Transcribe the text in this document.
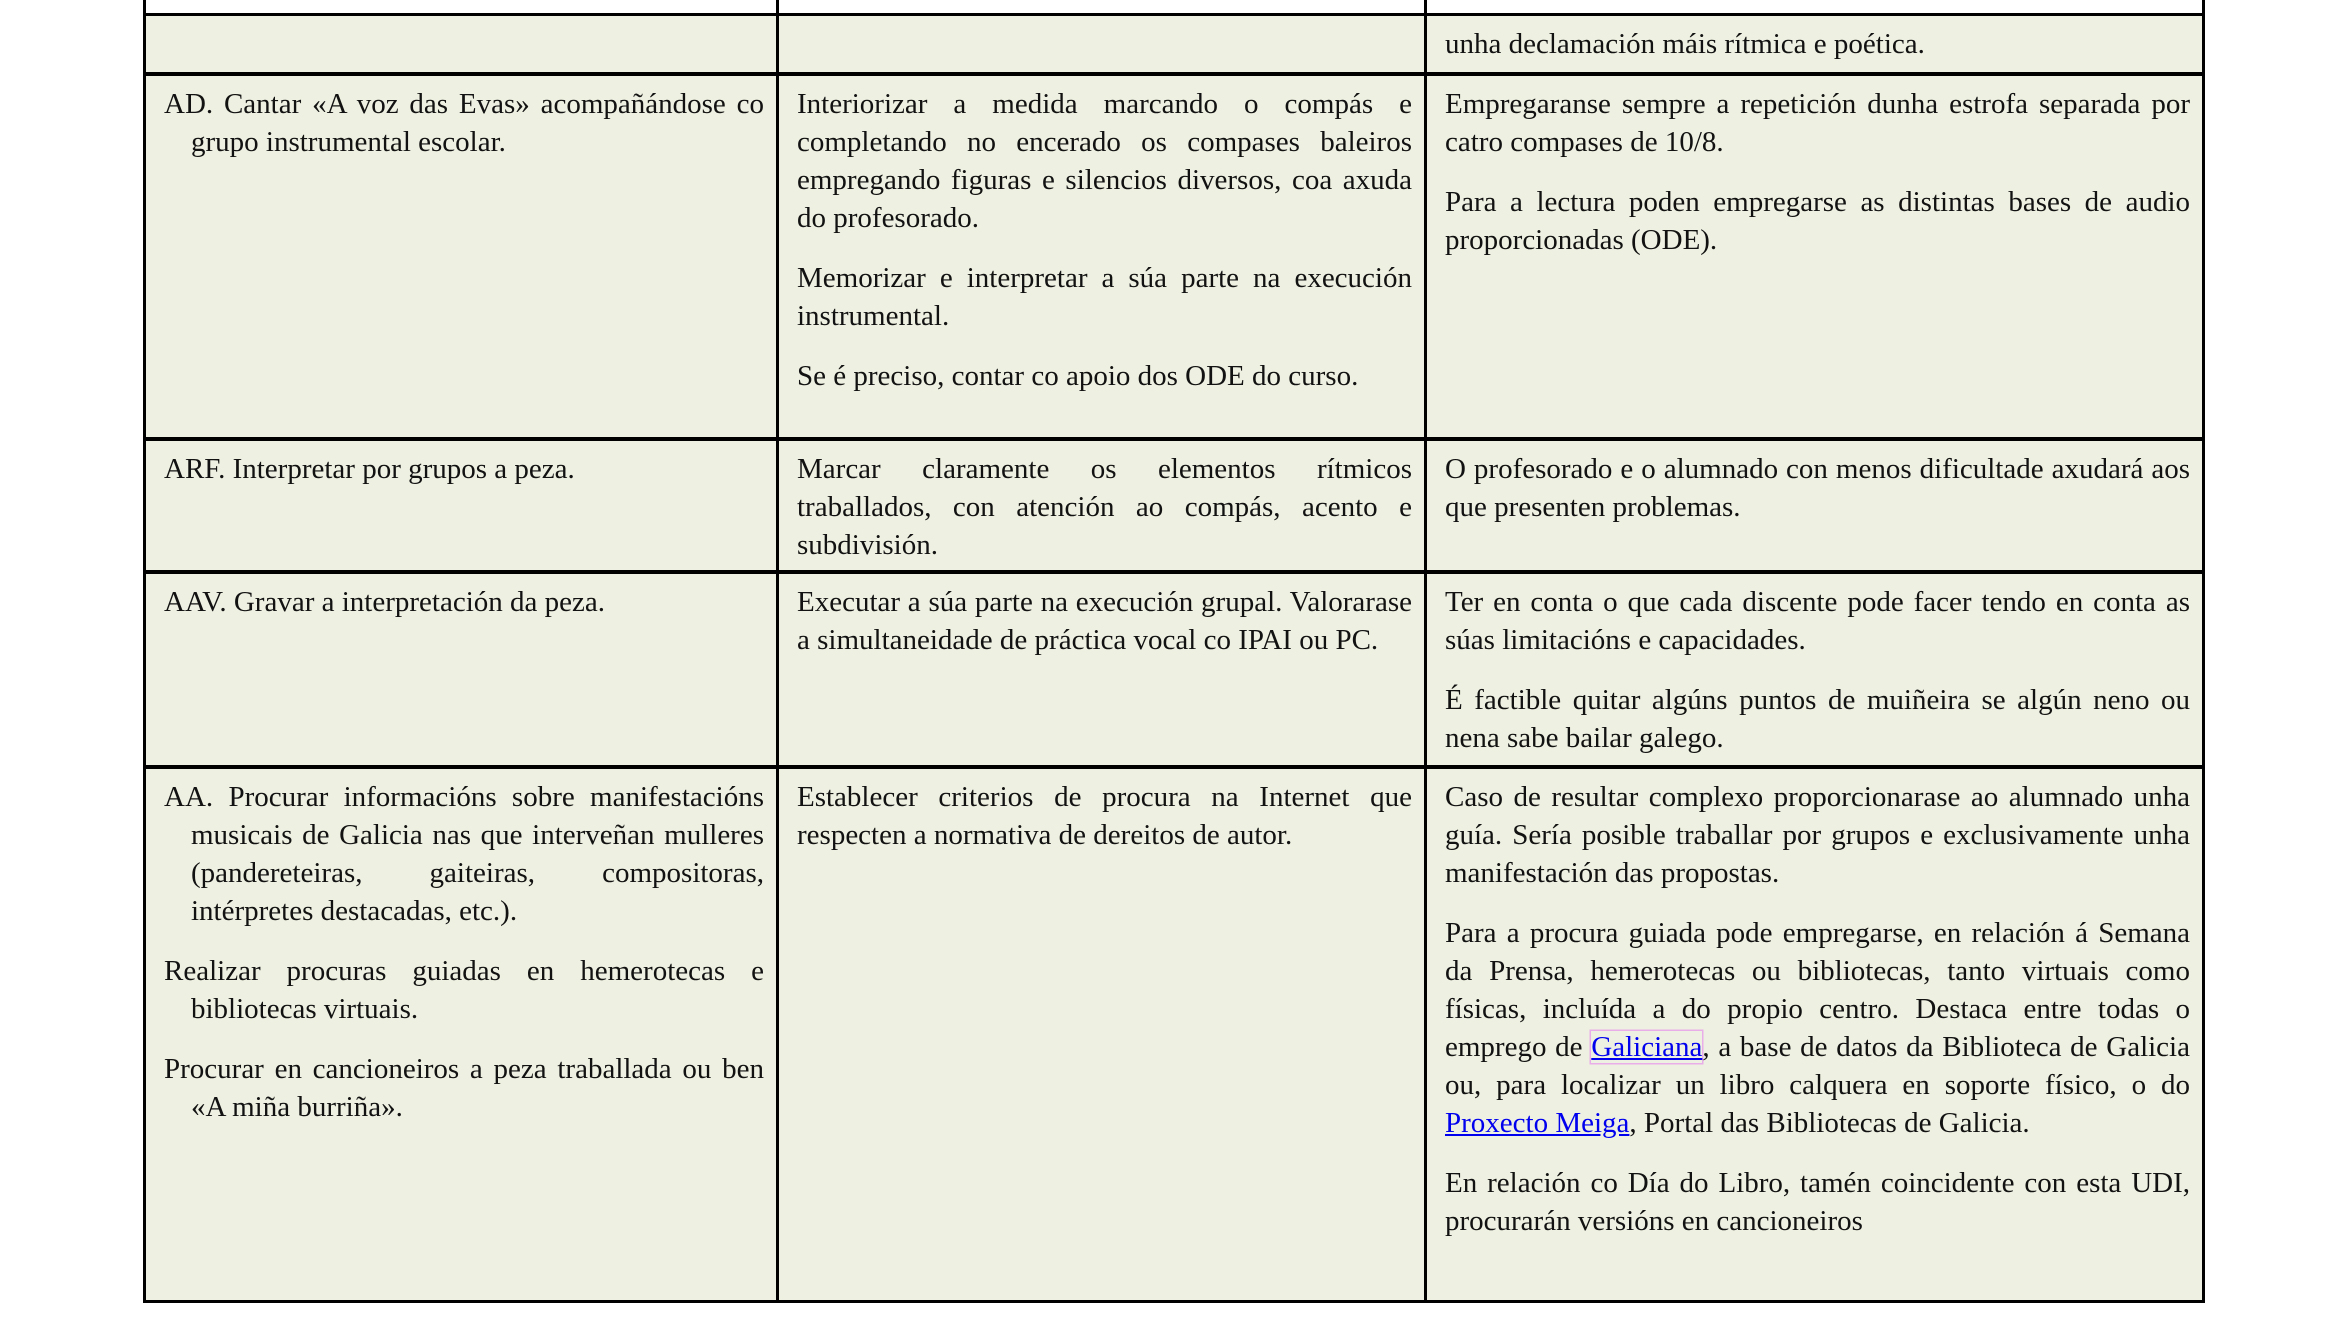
unha declamación máis rítmica e poética.

AD. Cantar «A voz das Evas» acompañándose co grupo instrumental escolar.

Interiorizar a medida marcando o compás e completando no encerado os compases baleiros empregando figuras e silencios diversos, coa axuda do profesorado.

Memorizar e interpretar a súa parte na execución instrumental.

Se é preciso, contar co apoio dos ODE do curso.

Empregaranse sempre a repetición dunha estrofa separada por catro compases de 10/8.

Para a lectura poden empregarse as distintas bases de audio proporcionadas (ODE).

ARF. Interpretar por grupos a peza.	Marcar claramente os elementos rítmicos traballados, con atención ao compás, acento e subdivisión.

O profesorado e o alumnado con menos dificultade axudará aos que presenten problemas.

AAV. Gravar a interpretación da peza.	Executar a súa parte na execución grupal. Valorarase a simultaneidade de práctica vocal co IPAI ou PC.

Ter en conta o que cada discente pode facer tendo en conta as súas limitacións e capacidades.

É factible quitar algúns puntos de muiñeira se algún neno ou nena sabe bailar galego.

AA. Procurar informacións sobre manifestacións musicais de Galicia nas que interveñan mulleres (pandereteiras, gaiteiras, compositoras, intérpretes destacadas, etc.).

Realizar procuras guiadas en hemerotecas e bibliotecas virtuais.

Procurar en cancioneiros a peza traballada ou ben «A miña burriña».

Establecer criterios de procura na Internet que respecten a normativa de dereitos de autor.

Caso de resultar complexo proporcionarase ao alumnado unha guía. Sería posible traballar por grupos e exclusivamente unha manifestación das propostas.

Para a procura guiada pode empregarse, en relación á Semana da Prensa, hemerotecas ou bibliotecas, tanto virtuais como físicas, incluída a do propio centro. Destaca entre todas o emprego de Galiciana, a base de datos da Biblioteca de Galicia ou, para localizar un libro calquera en soporte físico, o do Proxecto Meiga, Portal das Bibliotecas de Galicia.

En relación co Día do Libro, tamén coincidente con esta UDI, procurarán versións en cancioneiros
